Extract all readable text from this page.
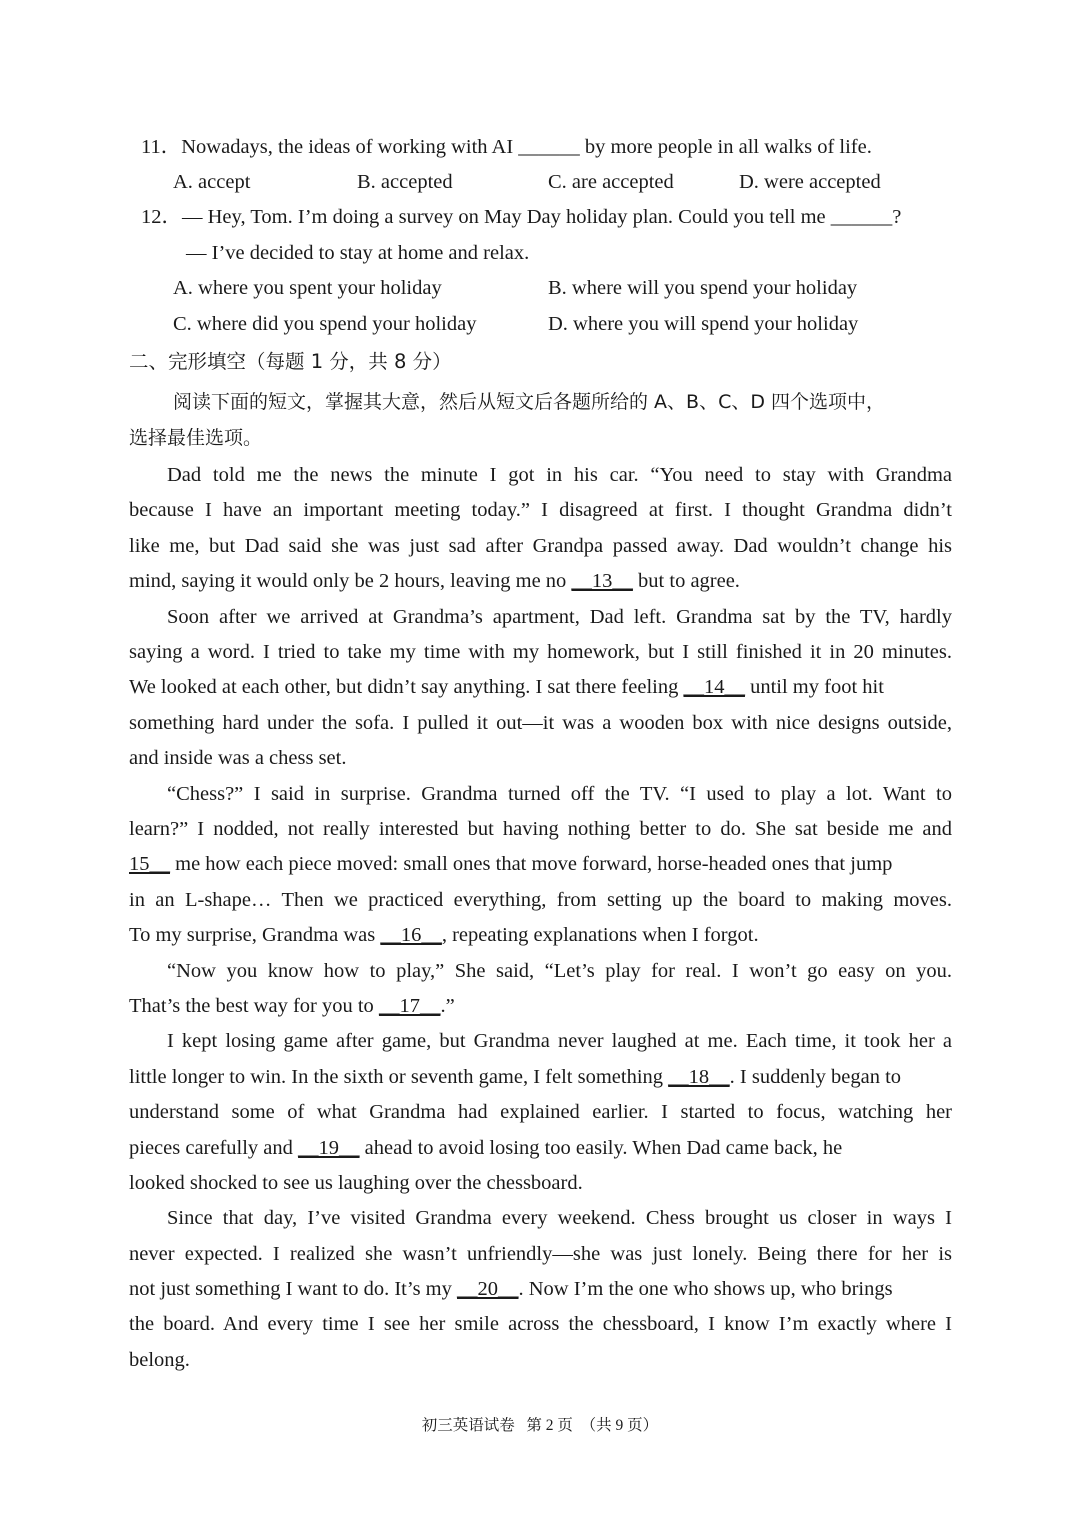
11．Nowadays, the ideas of working with AI ______ by more people in all walks of life.
A. accept	B. accepted	C. are accepted	D. were accepted
12．— Hey, Tom. I’m doing a survey on May Day holiday plan. Could you tell me ______?
— I’ve decided to stay at home and relax.
A. where you spent your holiday	B. where will you spend your holiday
C. where did you spend your holiday	D. where you will spend your holiday
二、完形填空（每题 1 分，共 8 分）
阅读下面的短文，掌握其大意，然后从短文后各题所给的 A、B、C、D 四个选项中，
选择最佳选项。
Dad told me the news the minute I got in his car. “You need to stay with Grandma
because I have an important meeting today.” I disagreed at first. I thought Grandma didn’t
like me, but Dad said she was just sad after Grandpa passed away. Dad wouldn’t change his
mind, saying it would only be 2 hours, leaving me no __13__ but to agree.
Soon after we arrived at Grandma’s apartment, Dad left. Grandma sat by the TV, hardly
saying a word. I tried to take my time with my homework, but I still finished it in 20 minutes.
We looked at each other, but didn’t say anything. I sat there feeling __14__ until my foot hit
something hard under the sofa. I pulled it out—it was a wooden box with nice designs outside,
and inside was a chess set.
“Chess?” I said in surprise. Grandma turned off the TV. “I used to play a lot. Want to
learn?” I nodded, not really interested but having nothing better to do. She sat beside me and
15__ me how each piece moved: small ones that move forward, horse-headed ones that jump
in an L-shape… Then we practiced everything, from setting up the board to making moves.
To my surprise, Grandma was __16__, repeating explanations when I forgot.
“Now you know how to play,” She said, “Let’s play for real. I won’t go easy on you.
That’s the best way for you to __17__.”
I kept losing game after game, but Grandma never laughed at me. Each time, it took her a
little longer to win. In the sixth or seventh game, I felt something __18__. I suddenly began to
understand some of what Grandma had explained earlier. I started to focus, watching her
pieces carefully and __19__ ahead to avoid losing too easily. When Dad came back, he
looked shocked to see us laughing over the chessboard.
Since that day, I’ve visited Grandma every weekend. Chess brought us closer in ways I
never expected. I realized she wasn’t unfriendly—she was just lonely. Being there for her is
not just something I want to do. It’s my __20__. Now I’m the one who shows up, who brings
the board. And every time I see her smile across the chessboard, I know I’m exactly where I
belong.
初三英语试卷   第 2 页  （共 9 页）
